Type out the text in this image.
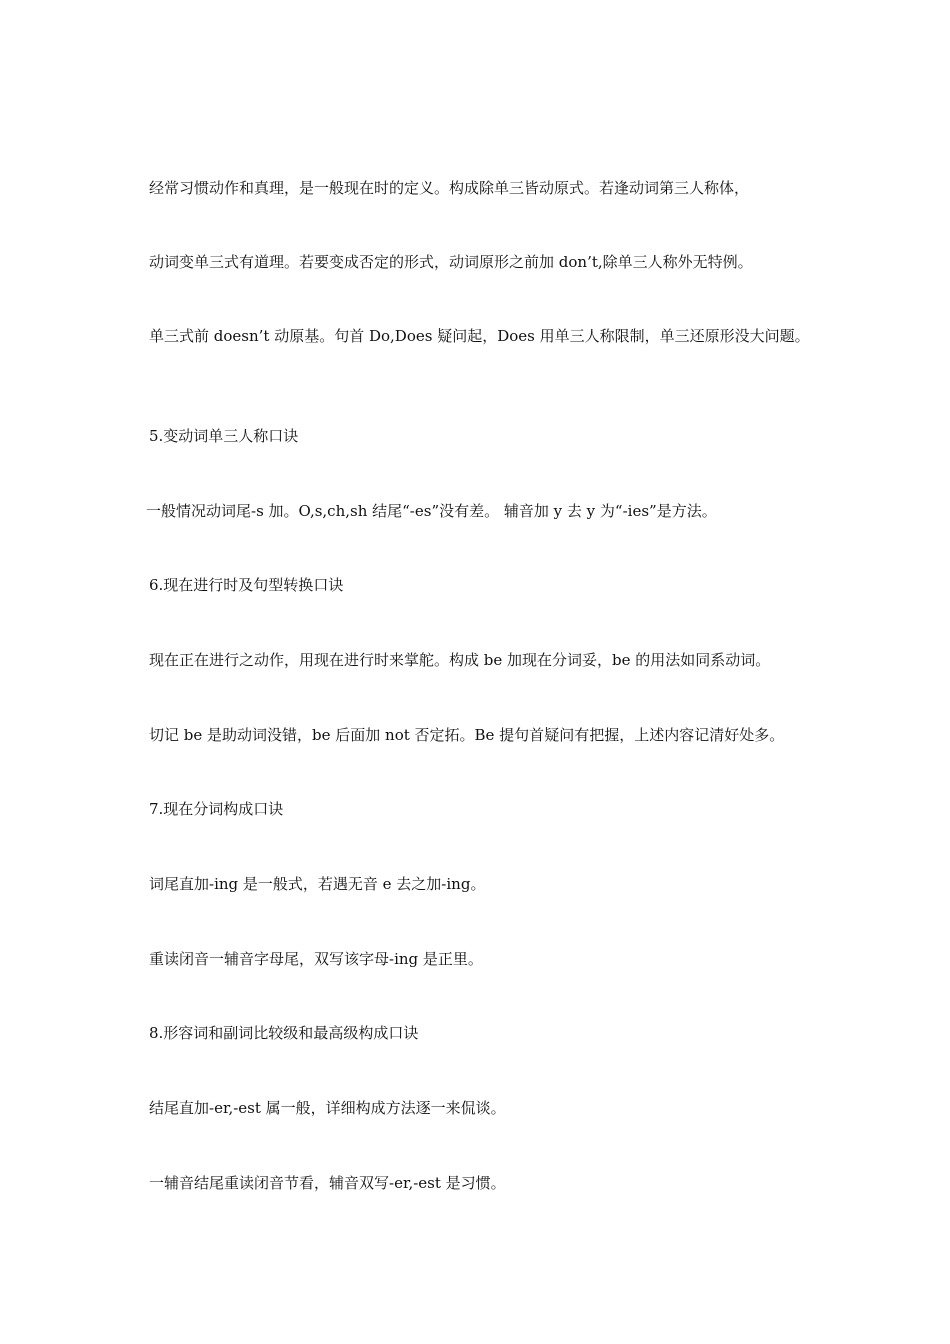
经常习惯动作和真理，是一般现在时的定义。构成除单三皆动原式。若逢动词第三人称体，

动词变单三式有道理。若要变成否定的形式，动词原形之前加 don’t,除单三人称外无特例。

单三式前 doesn’t 动原基。句首 Do,Does 疑问起，Does 用单三人称限制，单三还原形没大问题。

5.变动词单三人称口诀

一般情况动词尾-s 加。O,s,ch,sh 结尾“-es”没有差。 辅音加 y 去 y 为“-ies”是方法。

6.现在进行时及句型转换口诀

现在正在进行之动作，用现在进行时来掌舵。构成 be 加现在分词妥，be 的用法如同系动词。

切记 be 是助动词没错，be 后面加 not 否定拓。Be 提句首疑问有把握，上述内容记清好处多。

7.现在分词构成口诀

词尾直加-ing 是一般式，若遇无音 e 去之加-ing。

重读闭音一辅音字母尾，双写该字母-ing 是正里。

8.形容词和副词比较级和最高级构成口诀

结尾直加-er,-est 属一般，详细构成方法逐一来侃谈。

一辅音结尾重读闭音节看，辅音双写-er,-est 是习惯。
